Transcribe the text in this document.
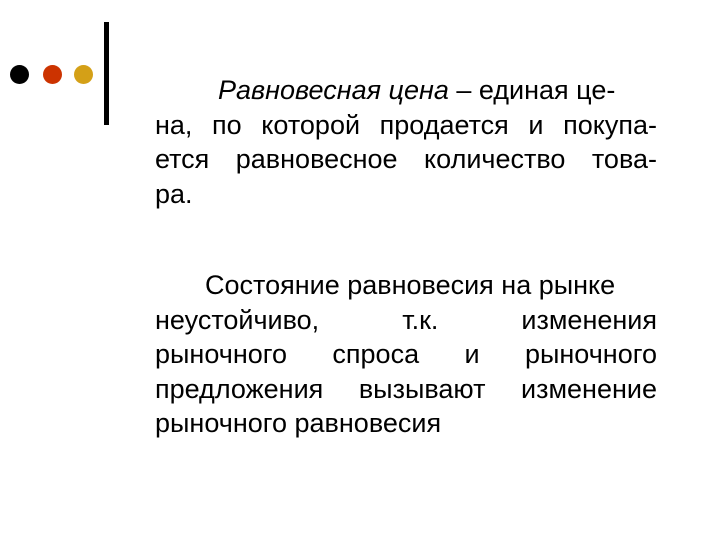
Равновесная цена – единая це-
на, по которой продается и покупа-
ется равновесное количество това-
ра.
Состояние равновесия на рынке
неустойчиво,	т.к.	изменения
рыночного спроса и рыночного
предложения вызывают изменение
рыночного равновесия
